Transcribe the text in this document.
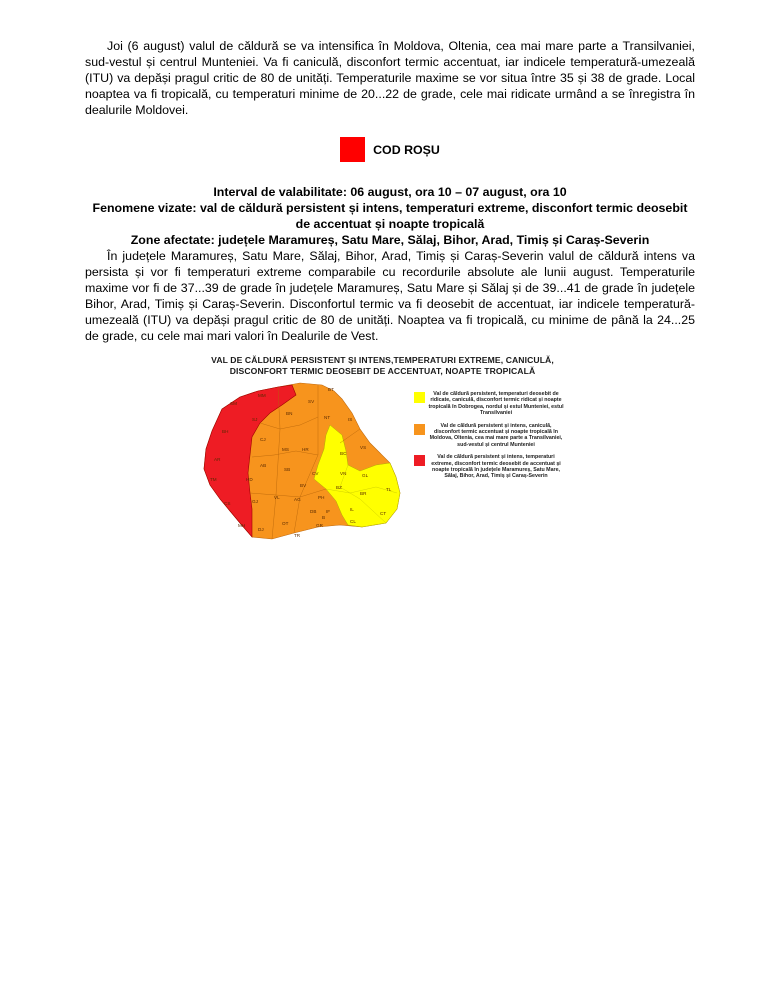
Joi (6 august) valul de căldură se va intensifica în Moldova, Oltenia, cea mai mare parte a Transilvaniei, sud-vestul și centrul Munteniei. Va fi caniculă, disconfort termic accentuat, iar indicele temperatură-umezeală (ITU) va depăși pragul critic de 80 de unități. Temperaturile maxime se vor situa între 35 și 38 de grade. Local noaptea va fi tropicală, cu temperaturi minime de 20...22 de grade, cele mai ridicate urmând a se înregistra în dealurile Moldovei.

COD ROȘU
Interval de valabilitate: 06 august, ora 10 – 07 august, ora 10
Fenomene vizate: val de căldură persistent și intens, temperaturi extreme, disconfort termic deosebit de accentuat și noapte tropicală
Zone afectate: județele Maramureș, Satu Mare, Sălaj, Bihor, Arad, Timiș și Caraș-Severin

În județele Maramureș, Satu Mare, Sălaj, Bihor, Arad, Timiș și Caraș-Severin valul de căldură intens va persista și vor fi temperaturi extreme comparabile cu recordurile absolute ale lunii august. Temperaturile maxime vor fi de 37...39 de grade în județele Maramureș, Satu Mare și Sălaj și de 39...41 de grade în județele Bihor, Arad, Timiș și Caraș-Severin. Disconfortul termic va fi deosebit de accentuat, iar indicele temperatură-umezeală (ITU) va depăși pragul critic de 80 de unități. Noaptea va fi tropicală, cu minime de până la 24...25 de grade, cu cele mai mari valori în Dealurile de Vest.

VAL DE CĂLDURĂ PERSISTENT ȘI INTENS,TEMPERATURI EXTREME, CANICULĂ,
DISCONFORT TERMIC DEOSEBIT DE ACCENTUAT, NOAPTE TROPICALĂ
SM
MM
BT
SV
BH
SJ
BN
NT	IS
CJ
MS	HR
BC
VS
AR
AB
SB
CV	VN	GL
TM	HD
BV	BZ
BR
TL
CS	GJ
VL	AG	PH
MH
DB	IL
CT
DJ
OT
TR
GR
CL
B
IF
Val de căldură persistent, temperaturi deosebit de ridicate, caniculă, disconfort termic ridicat și noapte tropicală în Dobrogea, nordul și estul Munteniei, estul Transilvaniei
Val de căldură persistent și intens, caniculă, disconfort termic accentuat și noapte tropicală în Moldova, Oltenia, cea mai mare parte a Transilvaniei, sud-vestul și centrul Munteniei
Val de căldură persistent și intens, temperaturi extreme, disconfort termic deosebit de accentuat și noapte tropicală în județele Maramureș, Satu Mare, Sălaj, Bihor, Arad, Timiș și Caraș-Severin
